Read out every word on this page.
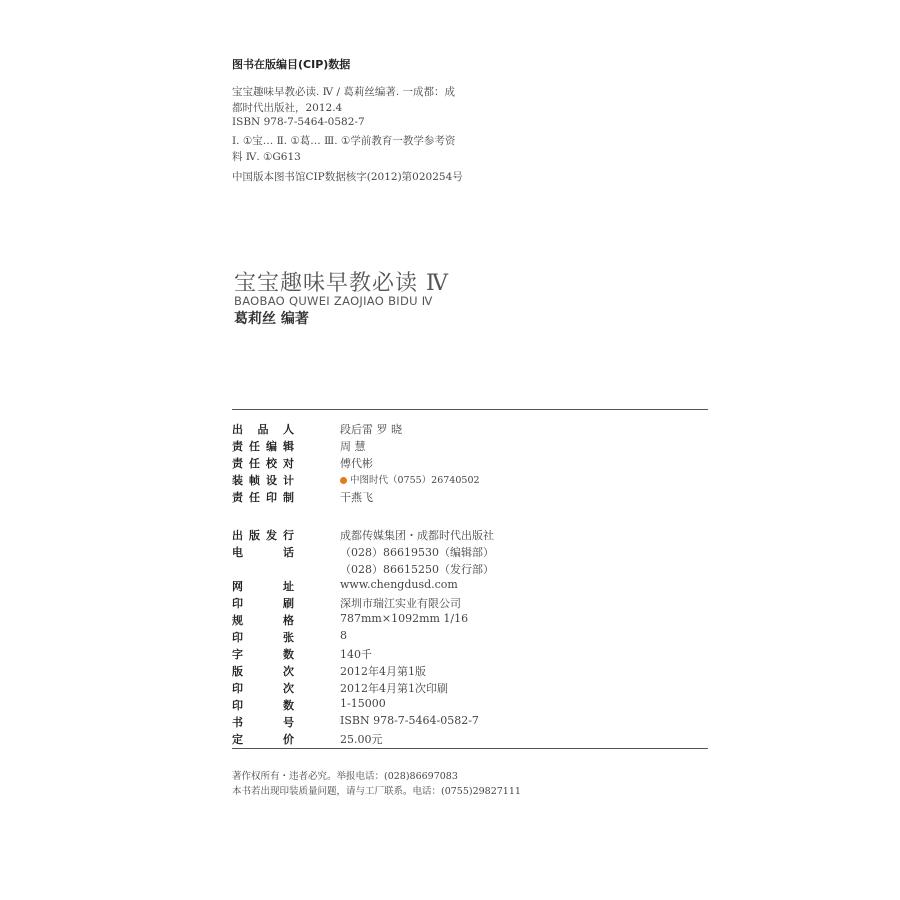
图书在版编目(CIP)数据
宝宝趣味早教必读. Ⅳ / 葛莉丝编著. 一成都：成
都时代出版社，2012.4
ISBN 978-7-5464-0582-7
Ⅰ. ①宝… Ⅱ. ①葛… Ⅲ. ①学前教育一教学参考资
料 Ⅳ. ①G613
中国版本图书馆CIP数据核字(2012)第020254号
宝宝趣味早教必读 Ⅳ
BAOBAO QUWEI ZAOJIAO BIDU Ⅳ
葛莉丝 编著
出 品 人	段后雷 罗 晓
责 任 编 辑	周 慧
责 任 校 对	傅代彬
装 帧 设 计	中图时代（0755）26740502
责 任 印 制	干燕飞
出 版 发 行	成都传媒集团・成都时代出版社
电	话	（028）86619530（编辑部）
（028）86615250（发行部）
网	址	www.chengdusd.com
印	刷	深圳市瑞江实业有限公司
规	格	787mm×1092mm 1/16
印	张	8
字	数	140千
版	次	2012年4月第1版
印	次	2012年4月第1次印刷
印	数	1-15000
书	号	ISBN 978-7-5464-0582-7
定	价	25.00元
著作权所有・违者必究。举报电话：(028)86697083
本书若出现印装质量问题，请与工厂联系。电话：(0755)29827111
